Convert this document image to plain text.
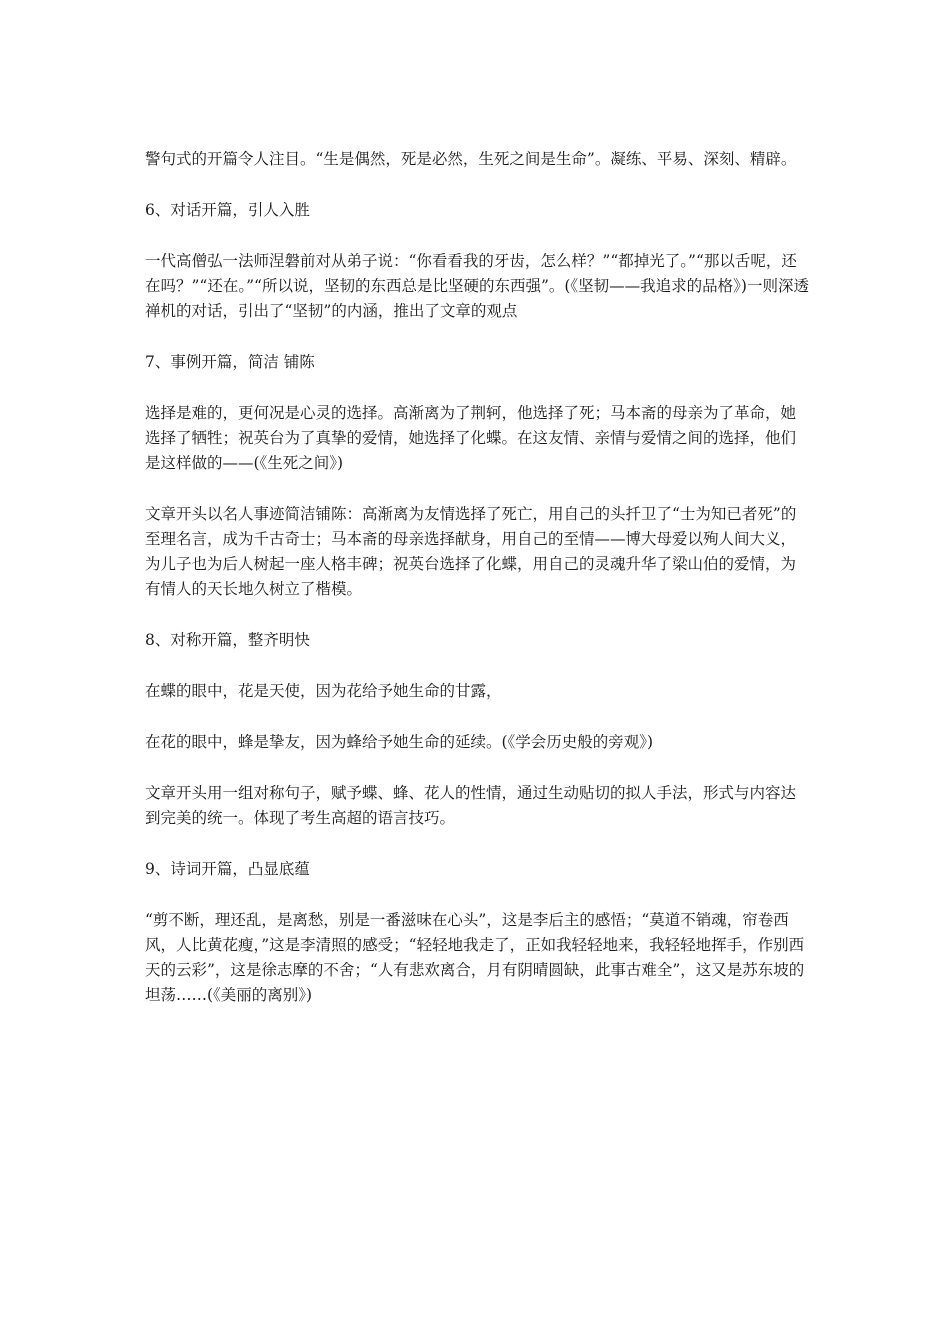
警句式的开篇令人注目。“生是偶然，死是必然，生死之间是生命”。凝练、平易、深刻、精辟。

6、对话开篇，引人入胜

一代高僧弘一法师涅磐前对从弟子说：“你看看我的牙齿，怎么样？”“都掉光了。”“那以舌呢，还在吗？”“还在。”“所以说，坚韧的东西总是比坚硬的东西强”。(《坚韧——我追求的品格》)一则深透禅机的对话，引出了“坚韧”的内涵，推出了文章的观点

7、事例开篇，简洁 铺陈

选择是难的，更何况是心灵的选择。高渐离为了荆轲，他选择了死；马本斋的母亲为了革命，她选择了牺牲；祝英台为了真挚的爱情，她选择了化蝶。在这友情、亲情与爱情之间的选择，他们是这样做的——(《生死之间》)

文章开头以名人事迹简洁铺陈：高渐离为友情选择了死亡，用自己的头扦卫了“士为知已者死”的至理名言，成为千古奇士；马本斋的母亲选择献身，用自己的至情——博大母爱以殉人间大义，为儿子也为后人树起一座人格丰碑；祝英台选择了化蝶，用自己的灵魂升华了梁山伯的爱情，为有情人的天长地久树立了楷模。

8、对称开篇，整齐明快

在蝶的眼中，花是天使，因为花给予她生命的甘露，

在花的眼中，蜂是挚友，因为蜂给予她生命的延续。(《学会历史般的旁观》)

文章开头用一组对称句子，赋予蝶、蜂、花人的性情，通过生动贴切的拟人手法，形式与内容达到完美的统一。体现了考生高超的语言技巧。

9、诗词开篇，凸显底蕴

“剪不断，理还乱，是离愁，别是一番滋味在心头”，这是李后主的感悟；“莫道不销魂，帘卷西风，人比黄花瘦，”这是李清照的感受；“轻轻地我走了，正如我轻轻地来，我轻轻地挥手，作别西天的云彩”，这是徐志摩的不舍；“人有悲欢离合，月有阴晴圆缺，此事古难全”，这又是苏东坡的坦荡……(《美丽的离别》)
